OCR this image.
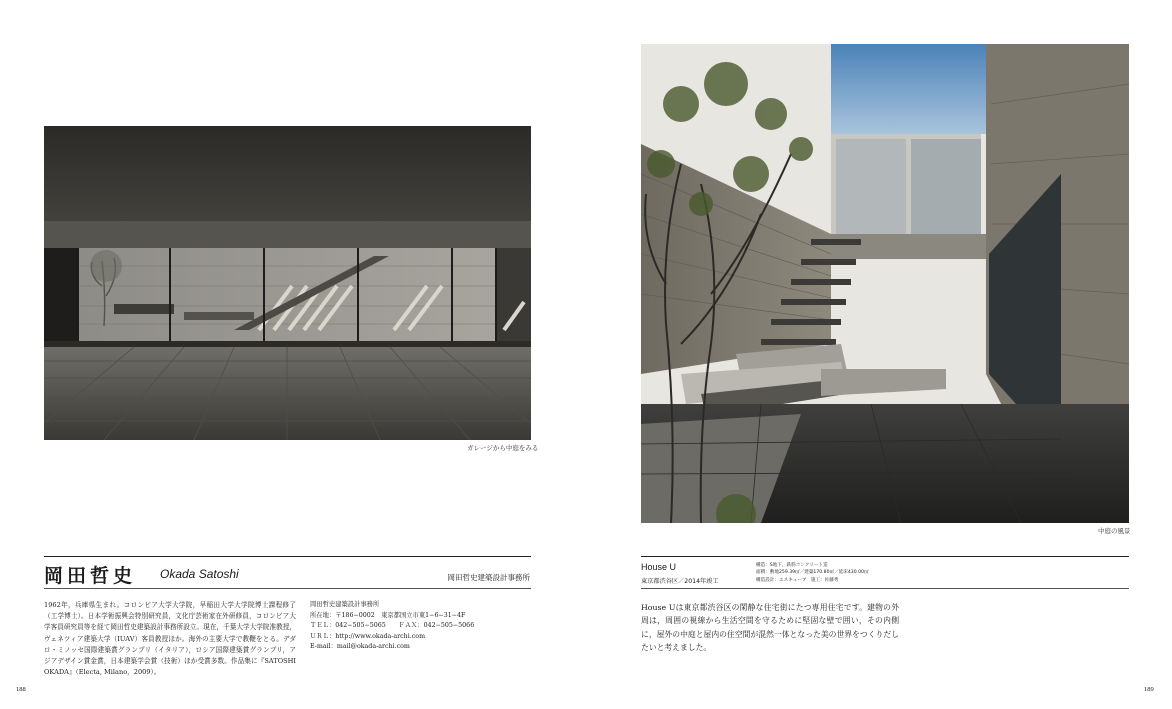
ガレージから中庭をみる
中庭の風景
岡田哲史 Okada Satoshi	岡田哲史建築設計事務所
1962年，兵庫県生まれ。コロンビア大学大学院，早稲田大学大学院博士課程修了（工学博士）。日本学術振興会特別研究員，文化庁芸術家在外研修員，コロンビア大学客員研究員等を経て岡田哲史建築設計事務所設立。現在，千葉大学大学院准教授，ヴェネツィア建築大学（IUAV）客員教授ほか。海外の主要大学で教鞭をとる。デダロ・ミノッセ国際建築賞グランプリ（イタリア），ロシア国際建築賞グランプリ，アジアデザイン賞金賞，日本建築学会賞（技術）ほか受賞多数。作品集に『SATOSHI OKADA』（Electa, Milano，2009）。
岡田哲史建築設計事務所
所在地：〒186−0002　東京都国立市東1−6−31−4F
ＴＥＬ：042−505−5065　　ＦＡＸ：042−505−5066
ＵＲＬ：http://www.okada-archi.com
E-mail：mail@okada-archi.com
188
House U
東京都渋谷区／2014年竣工
構造：S地下，鉄筋コンクリート造
面積：敷地259.39㎡／建築170.80㎡／延床430.00㎡
構造設計：エスキューブ　施工：佐藤秀
House Uは東京都渋谷区の閑静な住宅街にたつ専用住宅です。建物の外周は，周囲の視線から生活空間を守るために堅固な壁で囲い，その内側に，屋外の中庭と屋内の住空間が混然一体となった美の世界をつくりだしたいと考えました。
189
